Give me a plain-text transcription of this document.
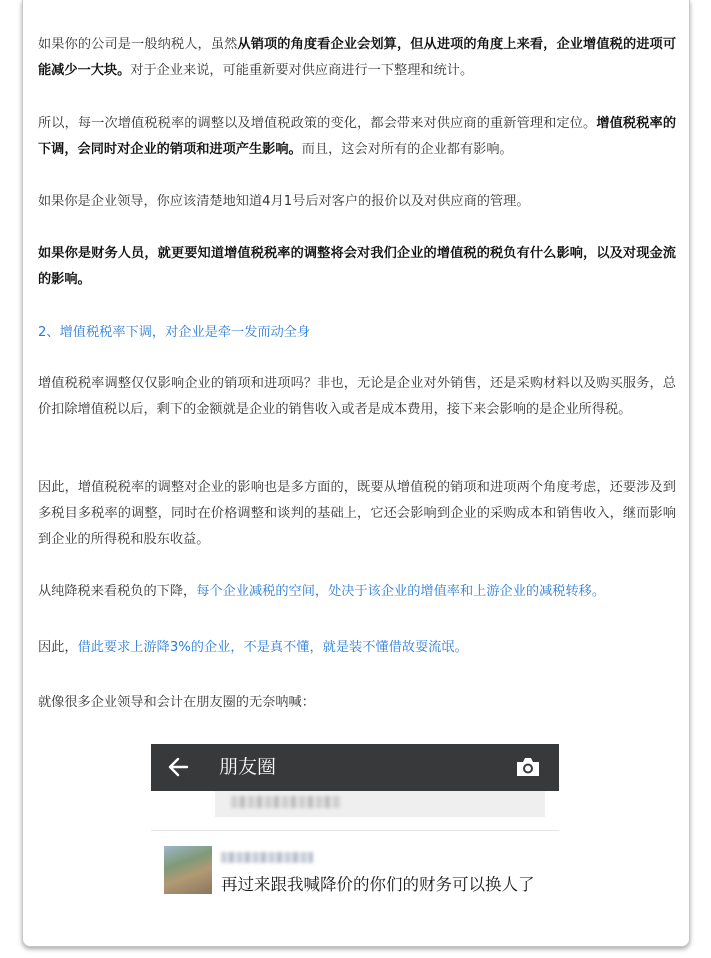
如果你的公司是一般纳税人，虽然从销项的角度看企业会划算，但从进项的角度上来看，企业增值税的进项可能减少一大块。对于企业来说，可能重新要对供应商进行一下整理和统计。

所以，每一次增值税税率的调整以及增值税政策的变化，都会带来对供应商的重新管理和定位。增值税税率的下调，会同时对企业的销项和进项产生影响。而且，这会对所有的企业都有影响。

如果你是企业领导，你应该清楚地知道4月1号后对客户的报价以及对供应商的管理。

如果你是财务人员，就更要知道增值税税率的调整将会对我们企业的增值税的税负有什么影响，以及对现金流的影响。

2、增值税税率下调，对企业是牵一发而动全身

增值税税率调整仅仅影响企业的销项和进项吗？非也，无论是企业对外销售，还是采购材料以及购买服务，总价扣除增值税以后，剩下的金额就是企业的销售收入或者是成本费用，接下来会影响的是企业所得税。

因此，增值税税率的调整对企业的影响也是多方面的，既要从增值税的销项和进项两个角度考虑，还要涉及到多税目多税率的调整，同时在价格调整和谈判的基础上，它还会影响到企业的采购成本和销售收入，继而影响到企业的所得税和股东收益。

从纯降税来看税负的下降，每个企业减税的空间，处决于该企业的增值率和上游企业的减税转移。

因此，借此要求上游降3%的企业，不是真不懂，就是装不懂借故耍流氓。

就像很多企业领导和会计在朋友圈的无奈呐喊：

朋友圈
再过来跟我喊降价的你们的财务可以换人了
